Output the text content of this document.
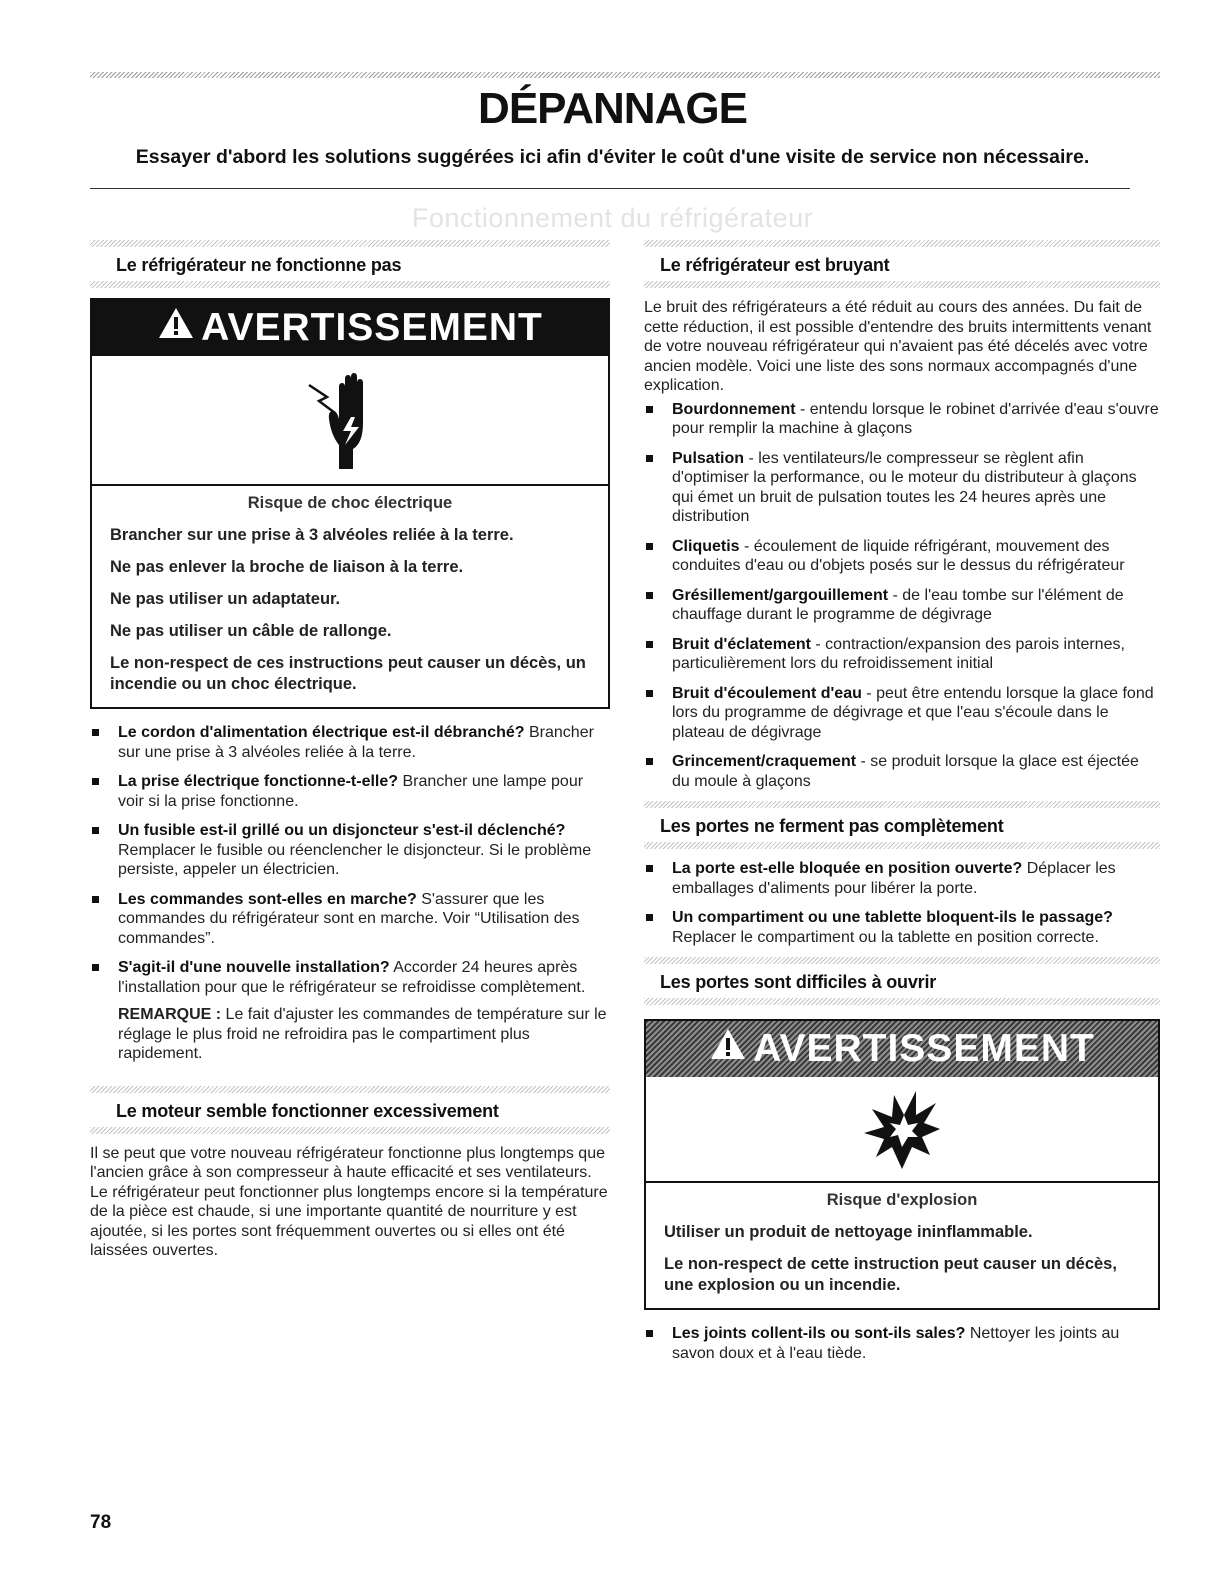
DÉPANNAGE
Essayer d'abord les solutions suggérées ici afin d'éviter le coût d'une visite de service non nécessaire.
Fonctionnement du réfrigérateur
Le réfrigérateur ne fonctionne pas
AVERTISSEMENT
Risque de choc électrique

Brancher sur une prise à 3 alvéoles reliée à la terre.

Ne pas enlever la broche de liaison à la terre.

Ne pas utiliser un adaptateur.

Ne pas utiliser un câble de rallonge.

Le non-respect de ces instructions peut causer un décès, un incendie ou un choc électrique.

Le cordon d'alimentation électrique est-il débranché? Brancher sur une prise à 3 alvéoles reliée à la terre.
La prise électrique fonctionne-t-elle? Brancher une lampe pour voir si la prise fonctionne.
Un fusible est-il grillé ou un disjoncteur s'est-il déclenché? Remplacer le fusible ou réenclencher le disjoncteur. Si le problème persiste, appeler un électricien.
Les commandes sont-elles en marche? S'assurer que les commandes du réfrigérateur sont en marche. Voir “Utilisation des commandes”.
S'agit-il d'une nouvelle installation? Accorder 24 heures après l'installation pour que le réfrigérateur se refroidisse complètement.
REMARQUE : Le fait d'ajuster les commandes de température sur le réglage le plus froid ne refroidira pas le compartiment plus rapidement.
Le moteur semble fonctionner excessivement

Il se peut que votre nouveau réfrigérateur fonctionne plus longtemps que l'ancien grâce à son compresseur à haute efficacité et ses ventilateurs. Le réfrigérateur peut fonctionner plus longtemps encore si la température de la pièce est chaude, si une importante quantité de nourriture y est ajoutée, si les portes sont fréquemment ouvertes ou si elles ont été laissées ouvertes.

Le réfrigérateur est bruyant

Le bruit des réfrigérateurs a été réduit au cours des années. Du fait de cette réduction, il est possible d'entendre des bruits intermittents venant de votre nouveau réfrigérateur qui n'avaient pas été décelés avec votre ancien modèle. Voici une liste des sons normaux accompagnés d'une explication.

Bourdonnement - entendu lorsque le robinet d'arrivée d'eau s'ouvre pour remplir la machine à glaçons
Pulsation - les ventilateurs/le compresseur se règlent afin d'optimiser la performance, ou le moteur du distributeur à glaçons qui émet un bruit de pulsation toutes les 24 heures après une distribution
Cliquetis - écoulement de liquide réfrigérant, mouvement des conduites d'eau ou d'objets posés sur le dessus du réfrigérateur
Grésillement/gargouillement - de l'eau tombe sur l'élément de chauffage durant le programme de dégivrage
Bruit d'éclatement - contraction/expansion des parois internes, particulièrement lors du refroidissement initial
Bruit d'écoulement d'eau - peut être entendu lorsque la glace fond lors du programme de dégivrage et que l'eau s'écoule dans le plateau de dégivrage
Grincement/craquement - se produit lorsque la glace est éjectée du moule à glaçons
Les portes ne ferment pas complètement
La porte est-elle bloquée en position ouverte? Déplacer les emballages d'aliments pour libérer la porte.
Un compartiment ou une tablette bloquent-ils le passage? Replacer le compartiment ou la tablette en position correcte.
Les portes sont difficiles à ouvrir
AVERTISSEMENT
Risque d'explosion

Utiliser un produit de nettoyage ininflammable.

Le non-respect de cette instruction peut causer un décès, une explosion ou un incendie.

Les joints collent-ils ou sont-ils sales? Nettoyer les joints au savon doux et à l'eau tiède.
78
